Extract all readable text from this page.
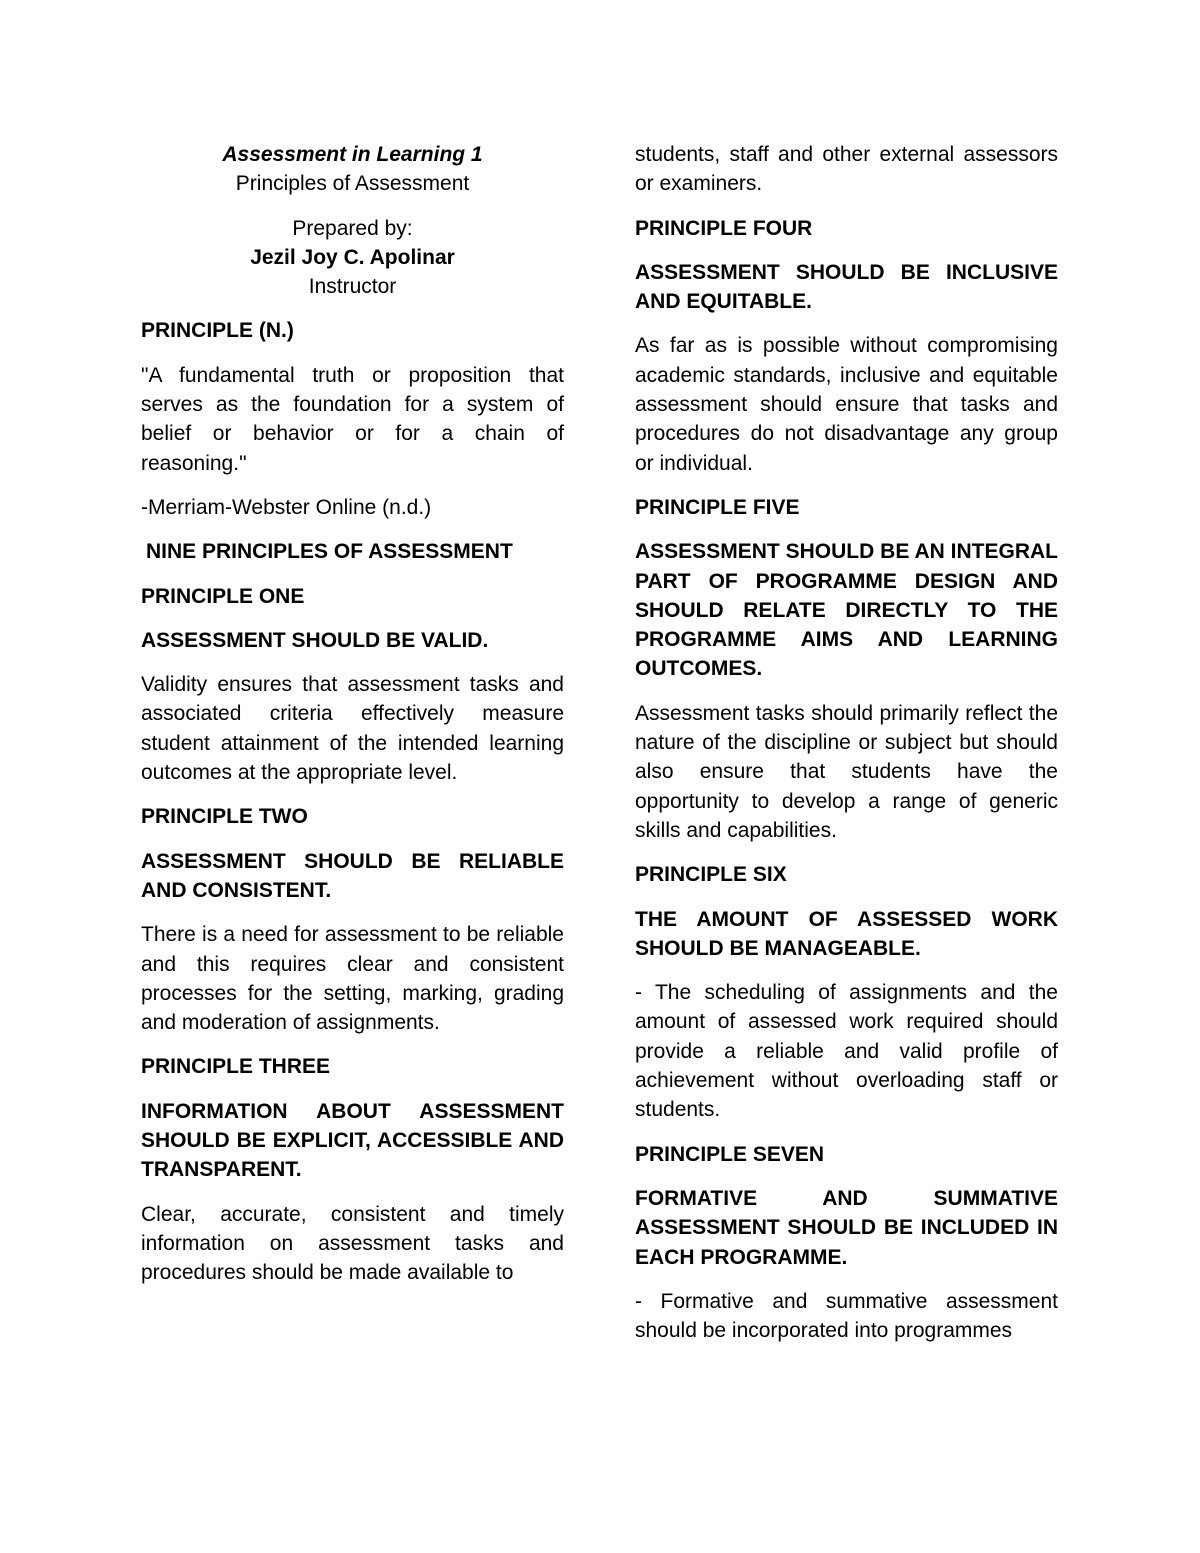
Assessment in Learning 1

Principles of Assessment

Prepared by:
Jezil Joy C. Apolinar

Instructor

PRINCIPLE (N.)

"A fundamental truth or proposition that serves as the foundation for a system of belief or behavior or for a chain of reasoning."

-Merriam-Webster Online (n.d.)

NINE PRINCIPLES OF ASSESSMENT

PRINCIPLE ONE

ASSESSMENT SHOULD BE VALID.

Validity ensures that assessment tasks and associated criteria effectively measure student attainment of the intended learning outcomes at the appropriate level.

PRINCIPLE TWO

ASSESSMENT SHOULD BE RELIABLE AND CONSISTENT.

There is a need for assessment to be reliable and this requires clear and consistent processes for the setting, marking, grading and moderation of assignments.

PRINCIPLE THREE

INFORMATION ABOUT ASSESSMENT SHOULD BE EXPLICIT, ACCESSIBLE AND TRANSPARENT.

Clear, accurate, consistent and timely information on assessment tasks and procedures should be made available to

students, staff and other external assessors or examiners.

PRINCIPLE FOUR

ASSESSMENT SHOULD BE INCLUSIVE AND EQUITABLE.

As far as is possible without compromising academic standards, inclusive and equitable assessment should ensure that tasks and procedures do not disadvantage any group or individual.

PRINCIPLE FIVE

ASSESSMENT SHOULD BE AN INTEGRAL PART OF PROGRAMME DESIGN AND SHOULD RELATE DIRECTLY TO THE PROGRAMME AIMS AND LEARNING OUTCOMES.

Assessment tasks should primarily reflect the nature of the discipline or subject but should also ensure that students have the opportunity to develop a range of generic skills and capabilities.

PRINCIPLE SIX

THE AMOUNT OF ASSESSED WORK SHOULD BE MANAGEABLE.

- The scheduling of assignments and the amount of assessed work required should provide a reliable and valid profile of achievement without overloading staff or students.

PRINCIPLE SEVEN

FORMATIVE AND SUMMATIVE ASSESSMENT SHOULD BE INCLUDED IN EACH PROGRAMME.

- Formative and summative assessment should be incorporated into programmes
